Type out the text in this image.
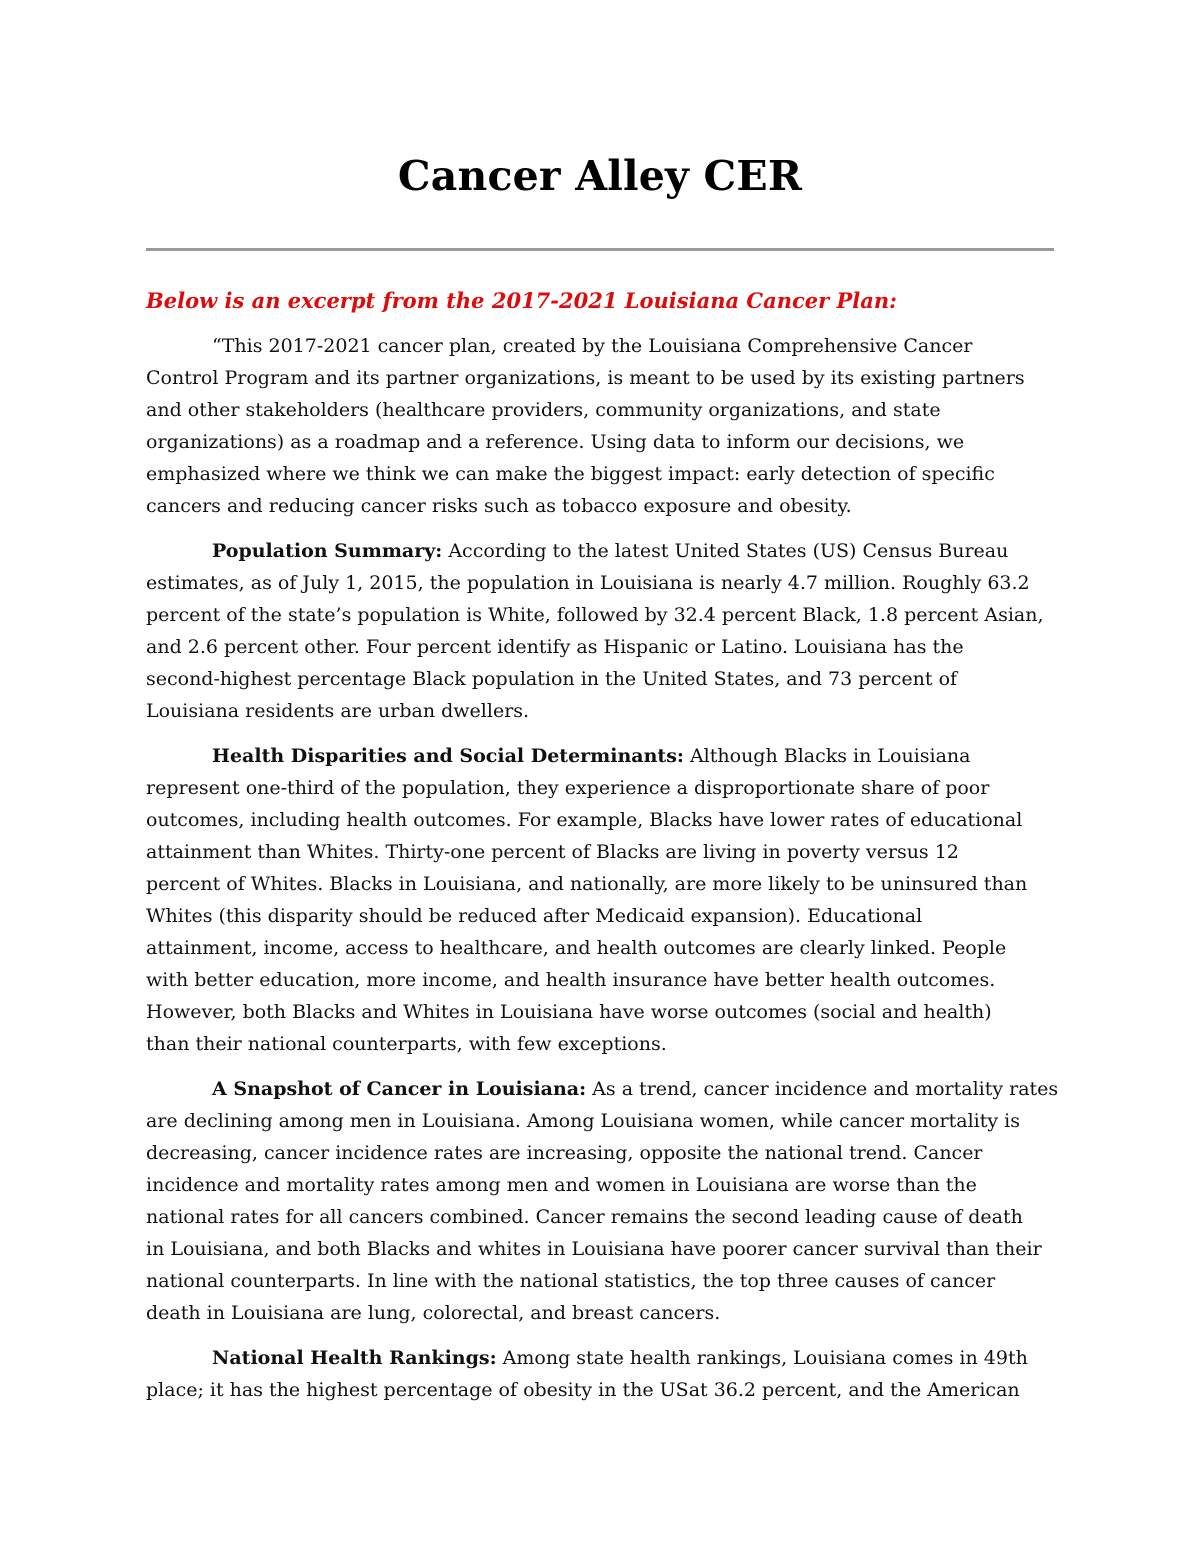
Cancer Alley CER
Below is an excerpt from the 2017-2021 Louisiana Cancer Plan:
“This 2017-2021 cancer plan, created by the Louisiana Comprehensive Cancer
Control Program and its partner organizations, is meant to be used by its existing partners
and other stakeholders (healthcare providers, community organizations, and state
organizations) as a roadmap and a reference. Using data to inform our decisions, we
emphasized where we think we can make the biggest impact: early detection of specific
cancers and reducing cancer risks such as tobacco exposure and obesity.
Population Summary: According to the latest United States (US) Census Bureau
estimates, as of July 1, 2015, the population in Louisiana is nearly 4.7 million. Roughly 63.2
percent of the state’s population is White, followed by 32.4 percent Black, 1.8 percent Asian,
and 2.6 percent other. Four percent identify as Hispanic or Latino. Louisiana has the
second-highest percentage Black population in the United States, and 73 percent of
Louisiana residents are urban dwellers.
Health Disparities and Social Determinants: Although Blacks in Louisiana
represent one-third of the population, they experience a disproportionate share of poor
outcomes, including health outcomes. For example, Blacks have lower rates of educational
attainment than Whites. Thirty-one percent of Blacks are living in poverty versus 12
percent of Whites. Blacks in Louisiana, and nationally, are more likely to be uninsured than
Whites (this disparity should be reduced after Medicaid expansion). Educational
attainment, income, access to healthcare, and health outcomes are clearly linked. People
with better education, more income, and health insurance have better health outcomes.
However, both Blacks and Whites in Louisiana have worse outcomes (social and health)
than their national counterparts, with few exceptions.
A Snapshot of Cancer in Louisiana: As a trend, cancer incidence and mortality rates
are declining among men in Louisiana. Among Louisiana women, while cancer mortality is
decreasing, cancer incidence rates are increasing, opposite the national trend. Cancer
incidence and mortality rates among men and women in Louisiana are worse than the
national rates for all cancers combined. Cancer remains the second leading cause of death
in Louisiana, and both Blacks and whites in Louisiana have poorer cancer survival than their
national counterparts. In line with the national statistics, the top three causes of cancer
death in Louisiana are lung, colorectal, and breast cancers.
National Health Rankings: Among state health rankings, Louisiana comes in 49th
place; it has the highest percentage of obesity in the USat 36.2 percent, and the American
